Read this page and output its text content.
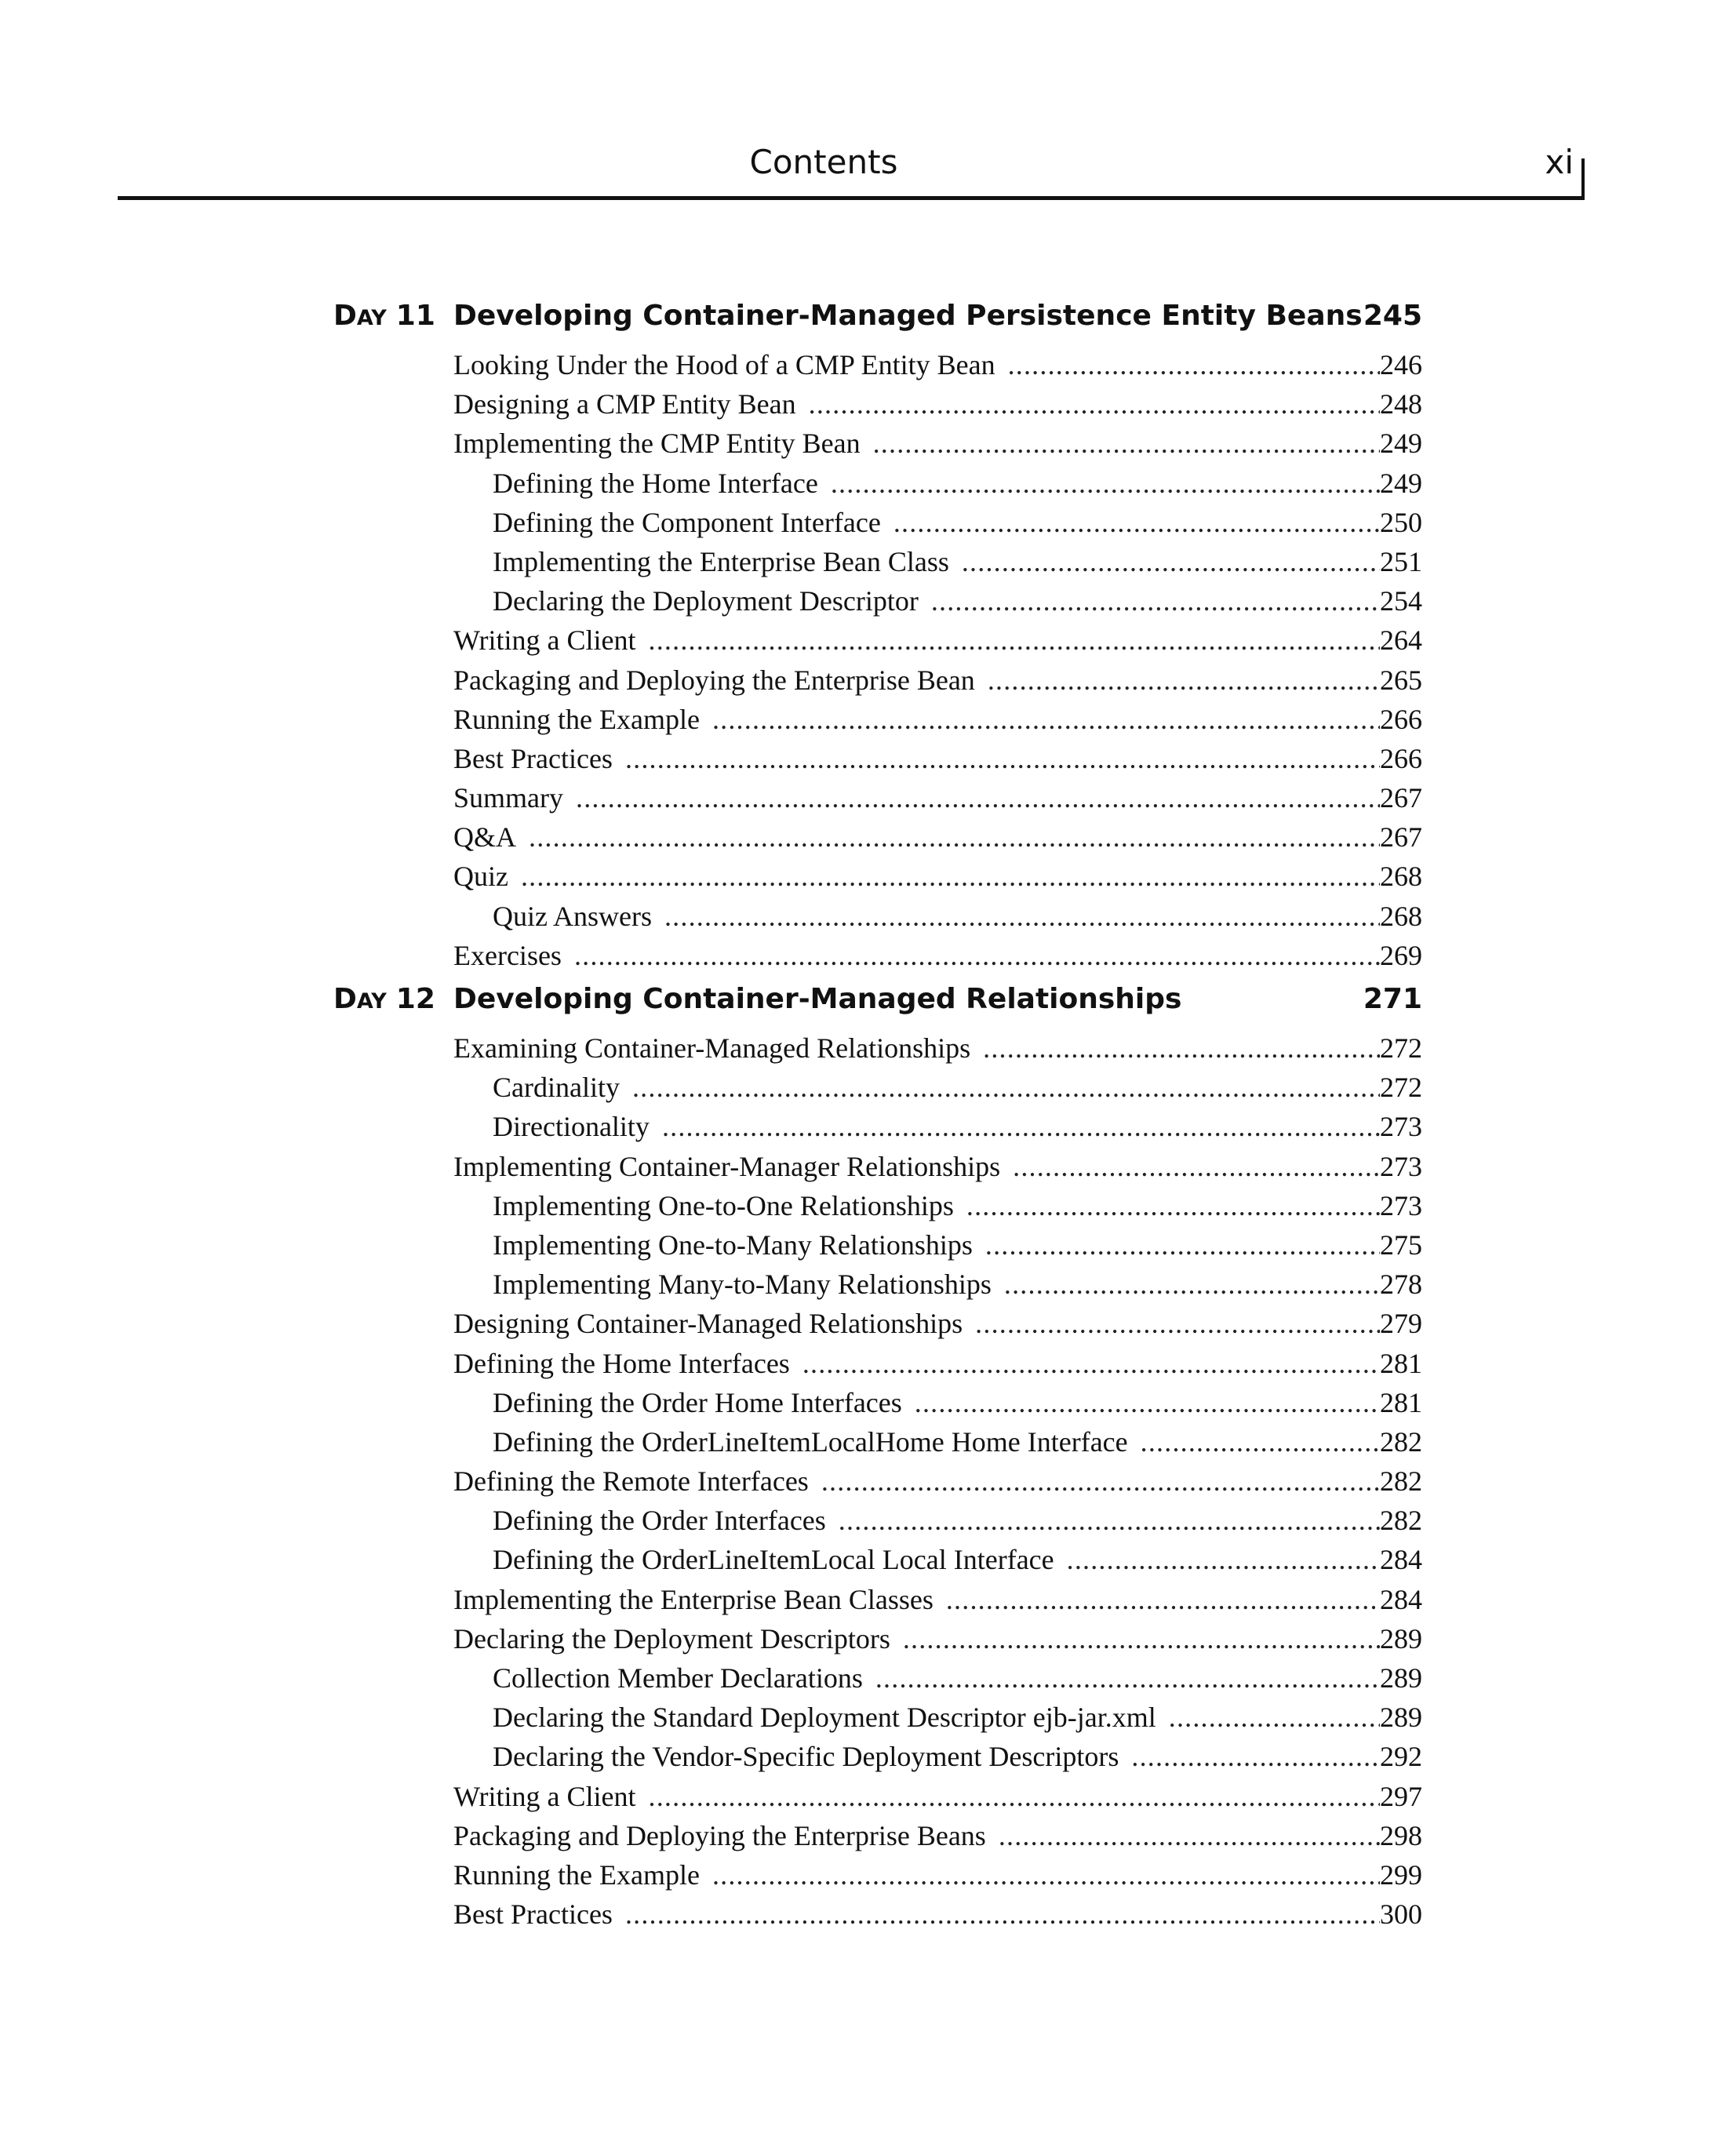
Contents	xi
DAY 11 Developing Container-Managed Persistence Entity Beans 245
Looking Under the Hood of a CMP Entity Bean .....	246
Designing a CMP Entity Bean .....	248
Implementing the CMP Entity Bean .....	249
Defining the Home Interface .....	249
Defining the Component Interface .....	250
Implementing the Enterprise Bean Class .....	251
Declaring the Deployment Descriptor .....	254
Writing a Client .....	264
Packaging and Deploying the Enterprise Bean .....	265
Running the Example .....	266
Best Practices .....	266
Summary .....	267
Q&A .....	267
Quiz .....	268
Quiz Answers .....	268
Exercises .....	269
DAY 12 Developing Container-Managed Relationships	271
Examining Container-Managed Relationships .....	272
Cardinality .....	272
Directionality .....	273
Implementing Container-Manager Relationships .....	273
Implementing One-to-One Relationships .....	273
Implementing One-to-Many Relationships .....	275
Implementing Many-to-Many Relationships .....	278
Designing Container-Managed Relationships .....	279
Defining the Home Interfaces .....	281
Defining the Order Home Interfaces .....	281
Defining the OrderLineItemLocalHome Home Interface .....	282
Defining the Remote Interfaces .....	282
Defining the Order Interfaces .....	282
Defining the OrderLineItemLocal Local Interface .....	284
Implementing the Enterprise Bean Classes .....	284
Declaring the Deployment Descriptors .....	289
Collection Member Declarations .....	289
Declaring the Standard Deployment Descriptor ejb-jar.xml .....	289
Declaring the Vendor-Specific Deployment Descriptors .....	292
Writing a Client .....	297
Packaging and Deploying the Enterprise Beans .....	298
Running the Example .....	299
Best Practices .....	300
